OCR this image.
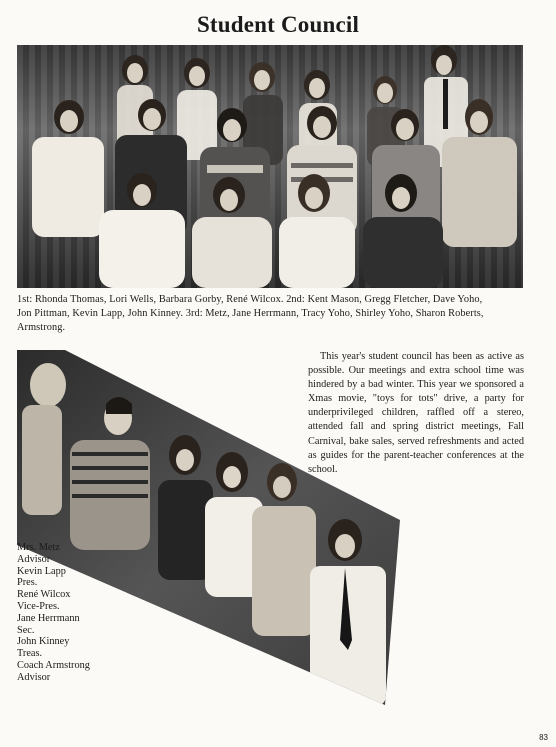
Student Council
1st: Rhonda Thomas, Lori Wells, Barbara Gorby, René Wilcox. 2nd: Kent Mason, Gregg Fletcher, Dave Yoho,
Jon Pittman, Kevin Lapp, John Kinney. 3rd: Metz, Jane Herrmann, Tracy Yoho, Shirley Yoho, Sharon Roberts,
Armstrong.
This year's student council has been as active as possible. Our meetings and extra school time was hindered by a bad winter. This year we sponsored a Xmas movie, "toys for tots" drive, a party for underprivileged children, raffled off a stereo, attended fall and spring district meetings, Fall Carnival, bake sales, served refreshments and acted as guides for the parent-teacher conferences at the school.
Mrs. Metz
Advisor
Kevin Lapp
Pres.
René Wilcox
Vice-Pres.
Jane Herrmann
Sec.
John Kinney
Treas.
Coach Armstrong
Advisor
83
